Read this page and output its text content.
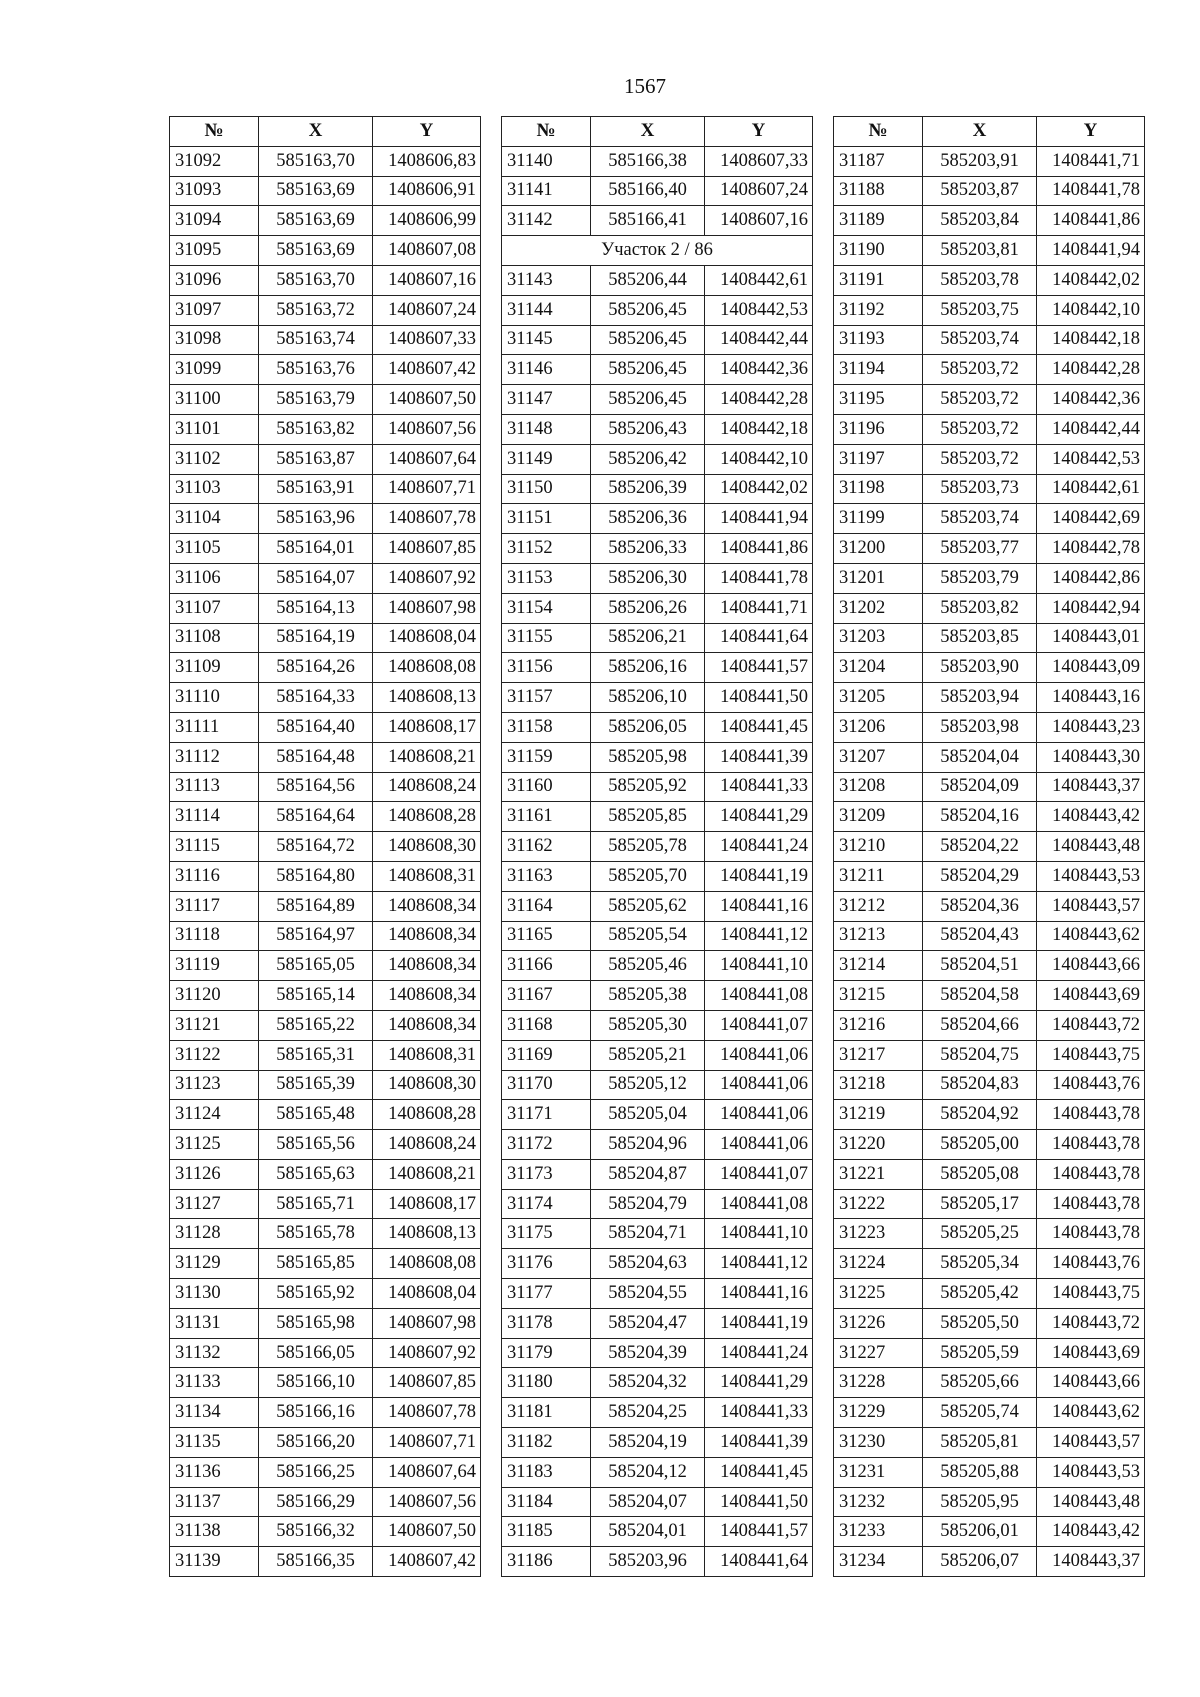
1567
№	X	Y
31092	585163,70	1408606,83
31093	585163,69	1408606,91
31094	585163,69	1408606,99
31095	585163,69	1408607,08
31096	585163,70	1408607,16
31097	585163,72	1408607,24
31098	585163,74	1408607,33
31099	585163,76	1408607,42
31100	585163,79	1408607,50
31101	585163,82	1408607,56
31102	585163,87	1408607,64
31103	585163,91	1408607,71
31104	585163,96	1408607,78
31105	585164,01	1408607,85
31106	585164,07	1408607,92
31107	585164,13	1408607,98
31108	585164,19	1408608,04
31109	585164,26	1408608,08
31110	585164,33	1408608,13
31111	585164,40	1408608,17
31112	585164,48	1408608,21
31113	585164,56	1408608,24
31114	585164,64	1408608,28
31115	585164,72	1408608,30
31116	585164,80	1408608,31
31117	585164,89	1408608,34
31118	585164,97	1408608,34
31119	585165,05	1408608,34
31120	585165,14	1408608,34
31121	585165,22	1408608,34
31122	585165,31	1408608,31
31123	585165,39	1408608,30
31124	585165,48	1408608,28
31125	585165,56	1408608,24
31126	585165,63	1408608,21
31127	585165,71	1408608,17
31128	585165,78	1408608,13
31129	585165,85	1408608,08
31130	585165,92	1408608,04
31131	585165,98	1408607,98
31132	585166,05	1408607,92
31133	585166,10	1408607,85
31134	585166,16	1408607,78
31135	585166,20	1408607,71
31136	585166,25	1408607,64
31137	585166,29	1408607,56
31138	585166,32	1408607,50
31139	585166,35	1408607,42
№	X	Y
31140	585166,38	1408607,33
31141	585166,40	1408607,24
31142	585166,41	1408607,16
Участок 2 / 86		
31143	585206,44	1408442,61
31144	585206,45	1408442,53
31145	585206,45	1408442,44
31146	585206,45	1408442,36
31147	585206,45	1408442,28
31148	585206,43	1408442,18
31149	585206,42	1408442,10
31150	585206,39	1408442,02
31151	585206,36	1408441,94
31152	585206,33	1408441,86
31153	585206,30	1408441,78
31154	585206,26	1408441,71
31155	585206,21	1408441,64
31156	585206,16	1408441,57
31157	585206,10	1408441,50
31158	585206,05	1408441,45
31159	585205,98	1408441,39
31160	585205,92	1408441,33
31161	585205,85	1408441,29
31162	585205,78	1408441,24
31163	585205,70	1408441,19
31164	585205,62	1408441,16
31165	585205,54	1408441,12
31166	585205,46	1408441,10
31167	585205,38	1408441,08
31168	585205,30	1408441,07
31169	585205,21	1408441,06
31170	585205,12	1408441,06
31171	585205,04	1408441,06
31172	585204,96	1408441,06
31173	585204,87	1408441,07
31174	585204,79	1408441,08
31175	585204,71	1408441,10
31176	585204,63	1408441,12
31177	585204,55	1408441,16
31178	585204,47	1408441,19
31179	585204,39	1408441,24
31180	585204,32	1408441,29
31181	585204,25	1408441,33
31182	585204,19	1408441,39
31183	585204,12	1408441,45
31184	585204,07	1408441,50
31185	585204,01	1408441,57
31186	585203,96	1408441,64
№	X	Y
31187	585203,91	1408441,71
31188	585203,87	1408441,78
31189	585203,84	1408441,86
31190	585203,81	1408441,94
31191	585203,78	1408442,02
31192	585203,75	1408442,10
31193	585203,74	1408442,18
31194	585203,72	1408442,28
31195	585203,72	1408442,36
31196	585203,72	1408442,44
31197	585203,72	1408442,53
31198	585203,73	1408442,61
31199	585203,74	1408442,69
31200	585203,77	1408442,78
31201	585203,79	1408442,86
31202	585203,82	1408442,94
31203	585203,85	1408443,01
31204	585203,90	1408443,09
31205	585203,94	1408443,16
31206	585203,98	1408443,23
31207	585204,04	1408443,30
31208	585204,09	1408443,37
31209	585204,16	1408443,42
31210	585204,22	1408443,48
31211	585204,29	1408443,53
31212	585204,36	1408443,57
31213	585204,43	1408443,62
31214	585204,51	1408443,66
31215	585204,58	1408443,69
31216	585204,66	1408443,72
31217	585204,75	1408443,75
31218	585204,83	1408443,76
31219	585204,92	1408443,78
31220	585205,00	1408443,78
31221	585205,08	1408443,78
31222	585205,17	1408443,78
31223	585205,25	1408443,78
31224	585205,34	1408443,76
31225	585205,42	1408443,75
31226	585205,50	1408443,72
31227	585205,59	1408443,69
31228	585205,66	1408443,66
31229	585205,74	1408443,62
31230	585205,81	1408443,57
31231	585205,88	1408443,53
31232	585205,95	1408443,48
31233	585206,01	1408443,42
31234	585206,07	1408443,37
